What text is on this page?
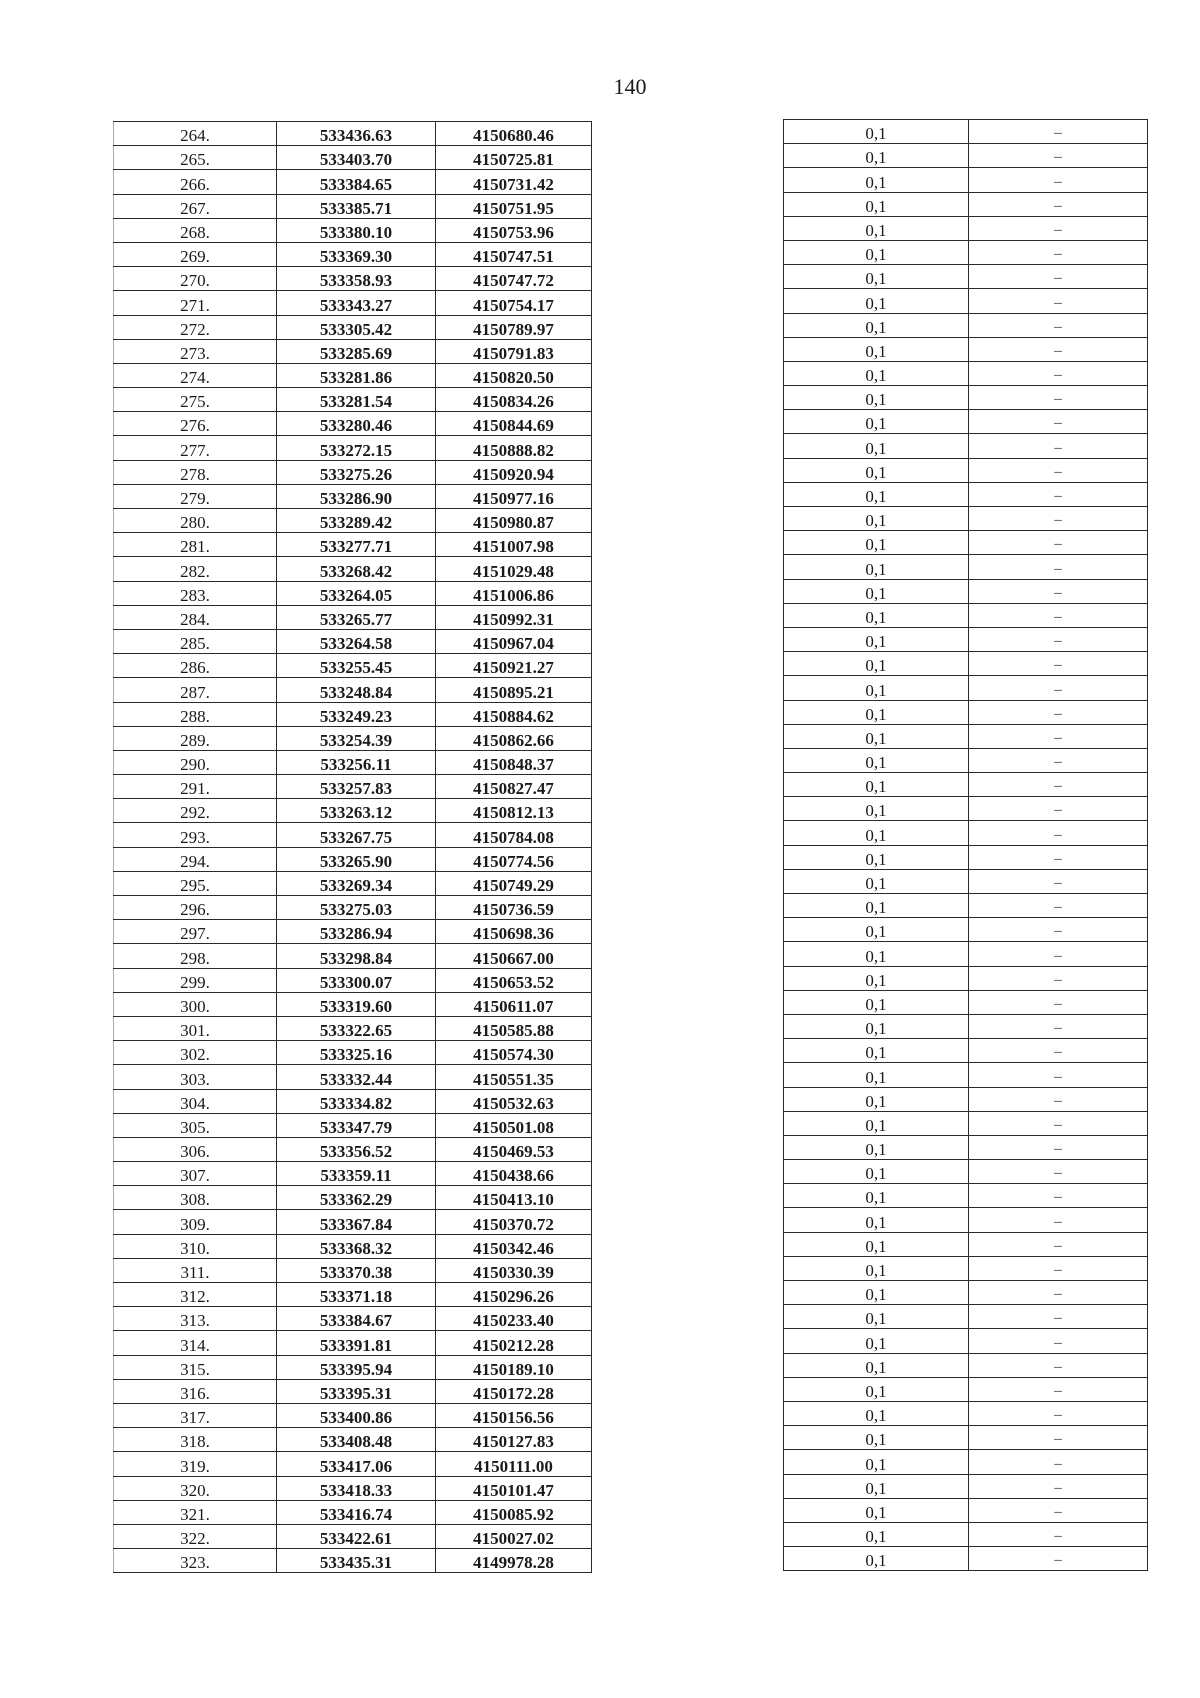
140
264.	533436.63	4150680.46
265.	533403.70	4150725.81
266.	533384.65	4150731.42
267.	533385.71	4150751.95
268.	533380.10	4150753.96
269.	533369.30	4150747.51
270.	533358.93	4150747.72
271.	533343.27	4150754.17
272.	533305.42	4150789.97
273.	533285.69	4150791.83
274.	533281.86	4150820.50
275.	533281.54	4150834.26
276.	533280.46	4150844.69
277.	533272.15	4150888.82
278.	533275.26	4150920.94
279.	533286.90	4150977.16
280.	533289.42	4150980.87
281.	533277.71	4151007.98
282.	533268.42	4151029.48
283.	533264.05	4151006.86
284.	533265.77	4150992.31
285.	533264.58	4150967.04
286.	533255.45	4150921.27
287.	533248.84	4150895.21
288.	533249.23	4150884.62
289.	533254.39	4150862.66
290.	533256.11	4150848.37
291.	533257.83	4150827.47
292.	533263.12	4150812.13
293.	533267.75	4150784.08
294.	533265.90	4150774.56
295.	533269.34	4150749.29
296.	533275.03	4150736.59
297.	533286.94	4150698.36
298.	533298.84	4150667.00
299.	533300.07	4150653.52
300.	533319.60	4150611.07
301.	533322.65	4150585.88
302.	533325.16	4150574.30
303.	533332.44	4150551.35
304.	533334.82	4150532.63
305.	533347.79	4150501.08
306.	533356.52	4150469.53
307.	533359.11	4150438.66
308.	533362.29	4150413.10
309.	533367.84	4150370.72
310.	533368.32	4150342.46
311.	533370.38	4150330.39
312.	533371.18	4150296.26
313.	533384.67	4150233.40
314.	533391.81	4150212.28
315.	533395.94	4150189.10
316.	533395.31	4150172.28
317.	533400.86	4150156.56
318.	533408.48	4150127.83
319.	533417.06	4150111.00
320.	533418.33	4150101.47
321.	533416.74	4150085.92
322.	533422.61	4150027.02
323.	533435.31	4149978.28
0,1	–
0,1	–
0,1	–
0,1	–
0,1	–
0,1	–
0,1	–
0,1	–
0,1	–
0,1	–
0,1	–
0,1	–
0,1	–
0,1	–
0,1	–
0,1	–
0,1	–
0,1	–
0,1	–
0,1	–
0,1	–
0,1	–
0,1	–
0,1	–
0,1	–
0,1	–
0,1	–
0,1	–
0,1	–
0,1	–
0,1	–
0,1	–
0,1	–
0,1	–
0,1	–
0,1	–
0,1	–
0,1	–
0,1	–
0,1	–
0,1	–
0,1	–
0,1	–
0,1	–
0,1	–
0,1	–
0,1	–
0,1	–
0,1	–
0,1	–
0,1	–
0,1	–
0,1	–
0,1	–
0,1	–
0,1	–
0,1	–
0,1	–
0,1	–
0,1	–
